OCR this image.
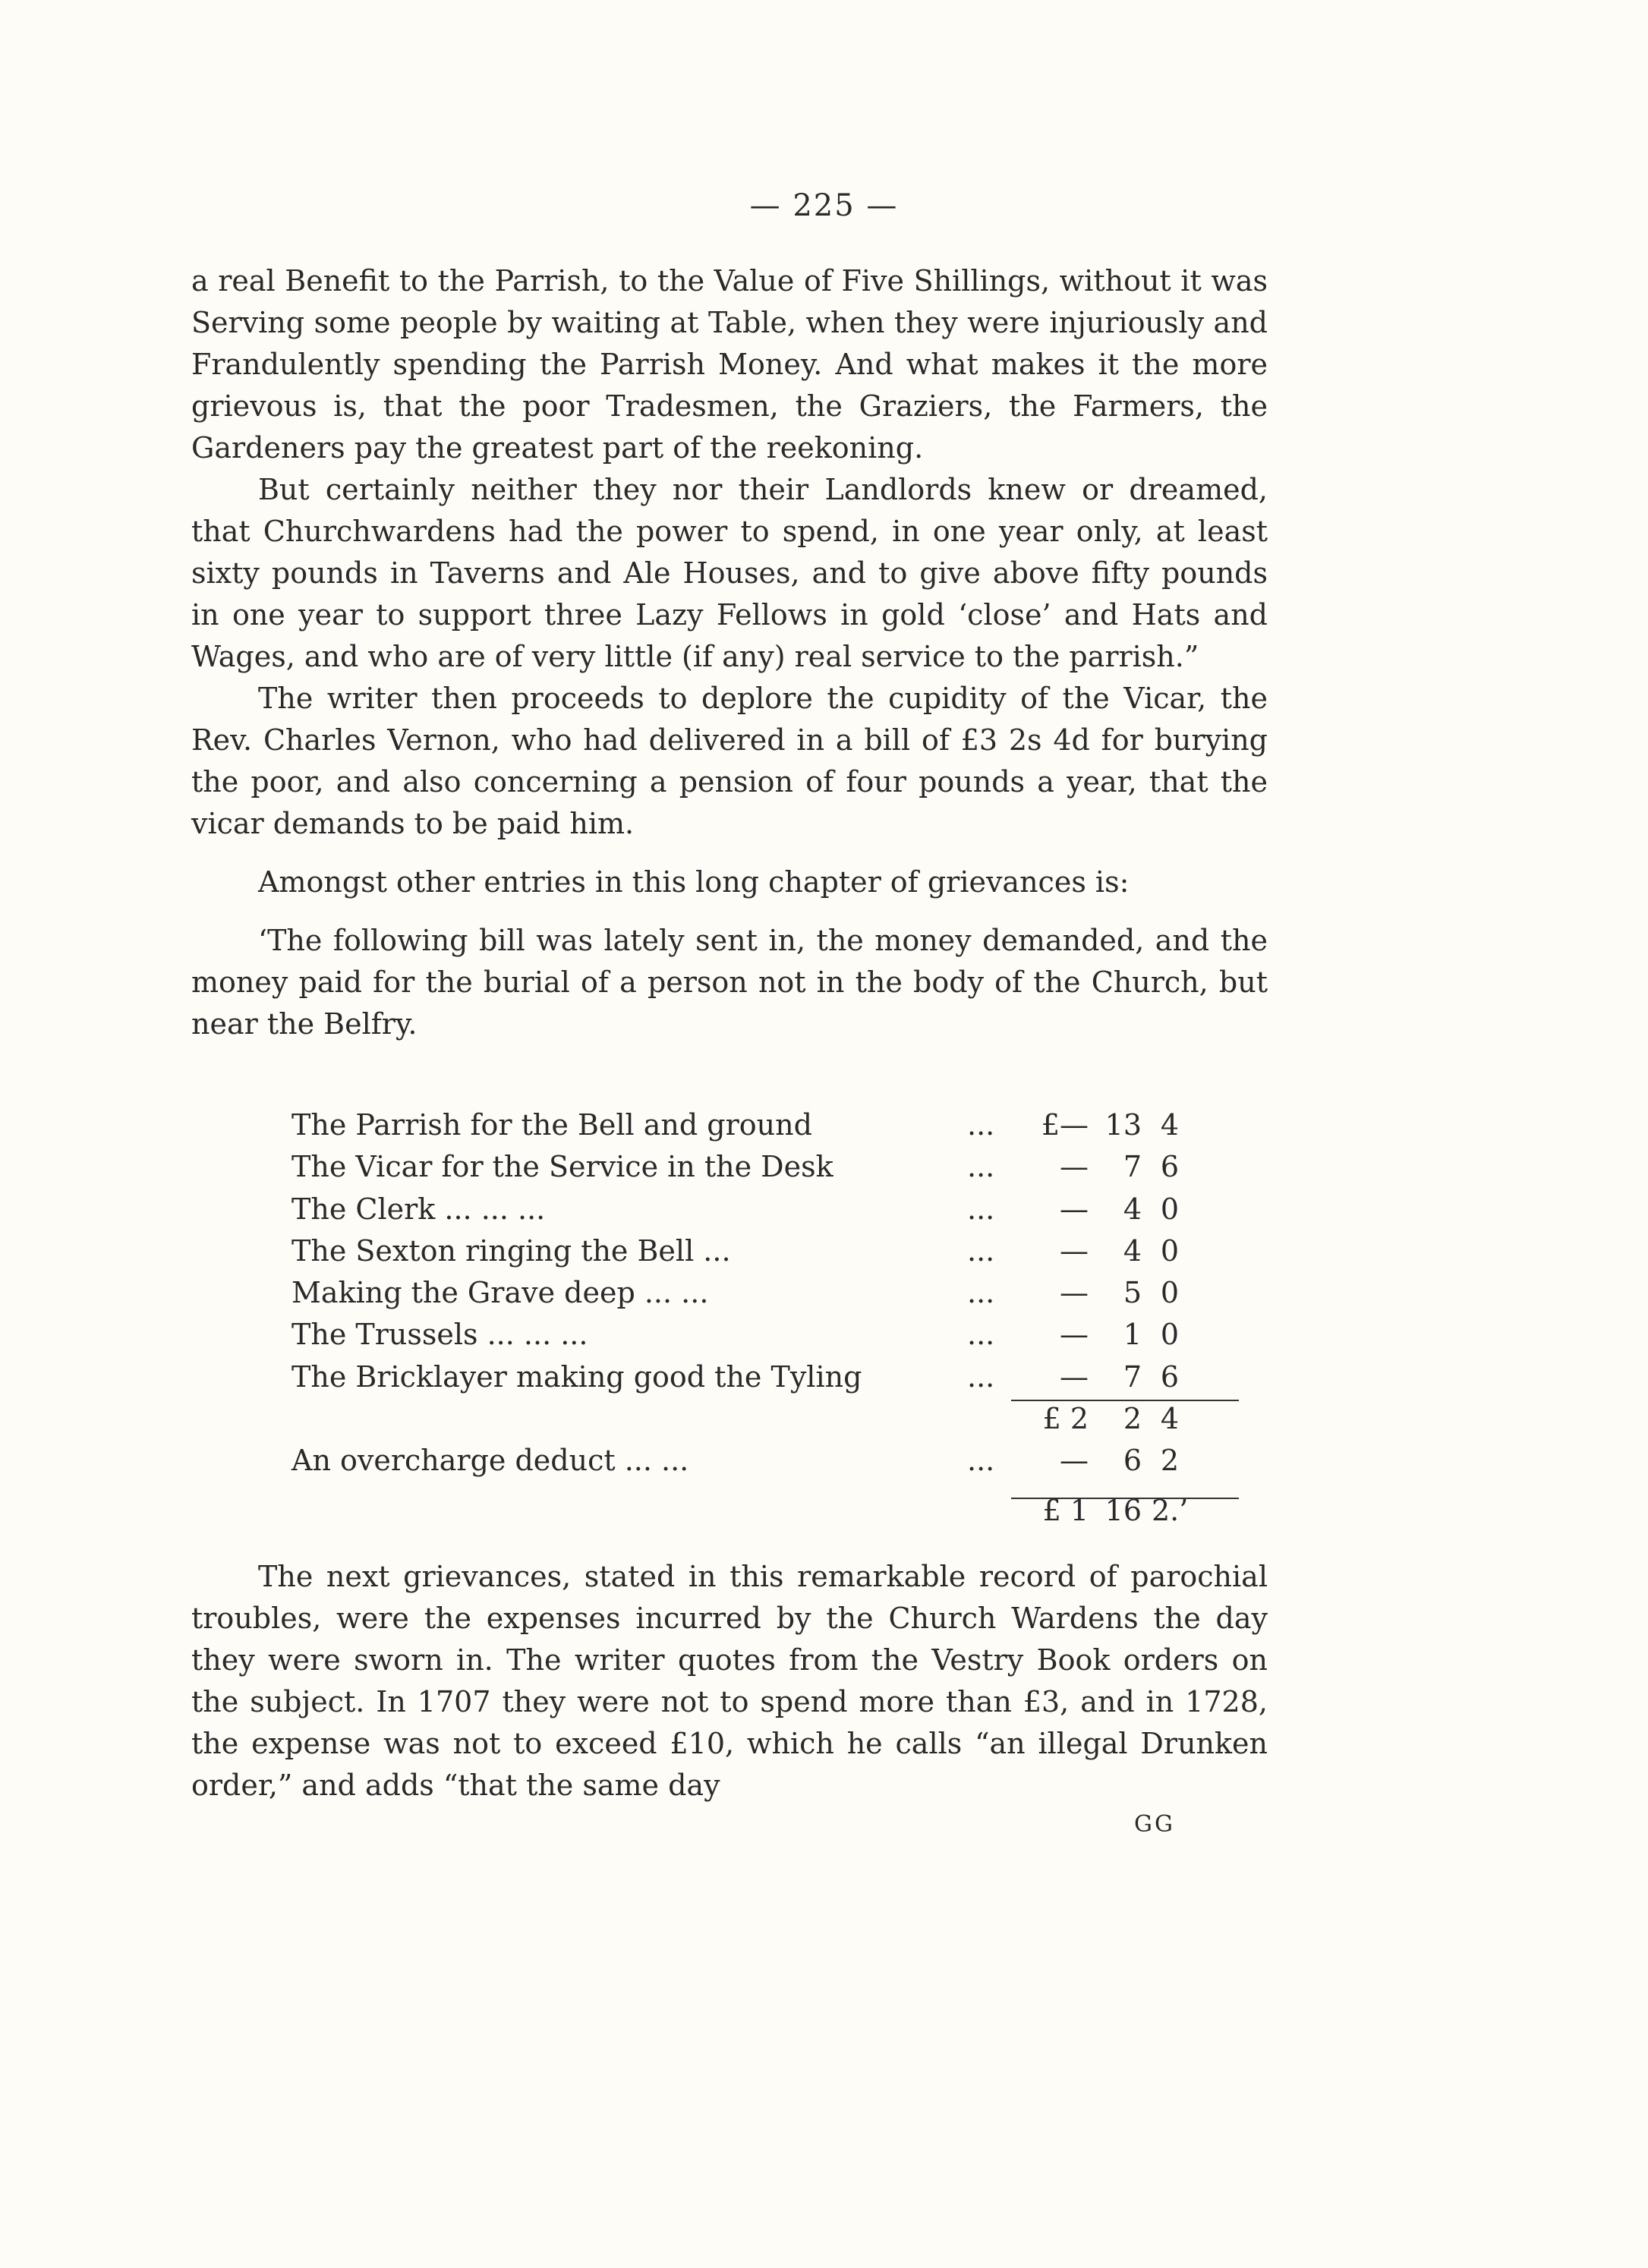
— 225 —

a real Benefit to the Parrish, to the Value of Five Shillings, without it was Serving some people by waiting at Table, when they were injuriously and Frandulently spending the Parrish Money. And what makes it the more grievous is, that the poor Tradesmen, the Graziers, the Farmers, the Gardeners pay the greatest part of the reekoning.

But certainly neither they nor their Landlords knew or dreamed, that Churchwardens had the power to spend, in one year only, at least sixty pounds in Taverns and Ale Houses, and to give above fifty pounds in one year to support three Lazy Fellows in gold ‘close’ and Hats and Wages, and who are of very little (if any) real service to the parrish.”

The writer then proceeds to deplore the cupidity of the Vicar, the Rev. Charles Vernon, who had delivered in a bill of £3 2s 4d for burying the poor, and also concerning a pension of four pounds a year, that the vicar demands to be paid him.

Amongst other entries in this long chapter of grievances is:

‘The following bill was lately sent in, the money demanded, and the money paid for the burial of a person not in the body of the Church, but near the Belfry.

The Parrish for the Bell and ground	...	£— 13 4
The Vicar for the Service in the Desk	...	—	7 6
The Clerk ... ... ...	...	—	4 0
The Sexton ringing the Bell ...	...	—	4 0
Making the Grave deep ... ...	...	—	5 0
The Trussels ... ... ...	...	—	1 0
The Bricklayer making good the Tyling	...	—	7 6
£ 2	2 4
An overcharge deduct ... ...	...	—	6 2
£ 1 16 2.’

The next grievances, stated in this remarkable record of parochial troubles, were the expenses incurred by the Church Wardens the day they were sworn in. The writer quotes from the Vestry Book orders on the subject. In 1707 they were not to spend more than £3, and in 1728, the expense was not to exceed £10, which he calls “an illegal Drunken order,” and adds “that the same day

GG
